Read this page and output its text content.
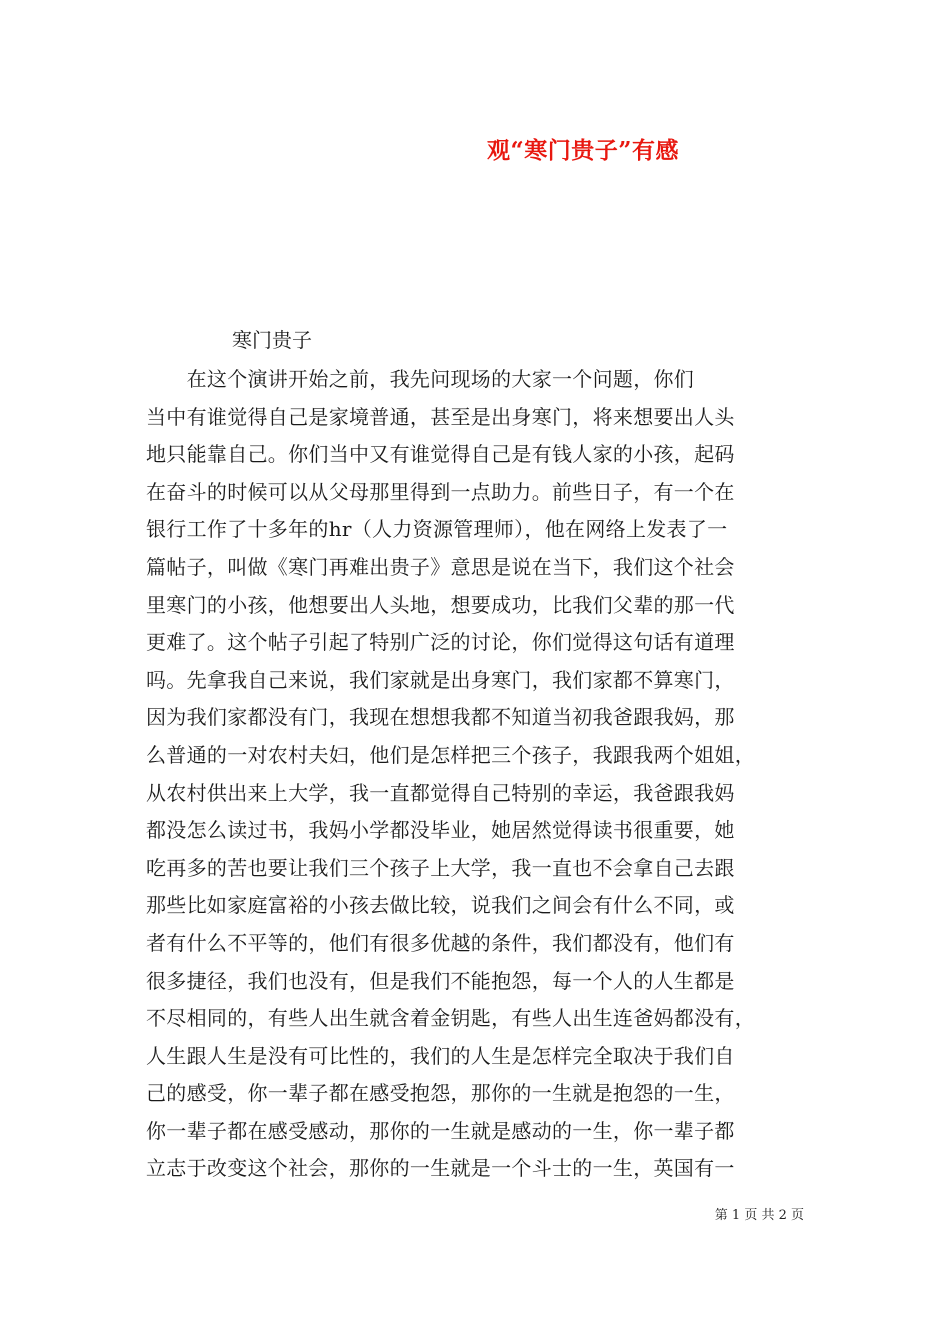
观“寒门贵子”有感
寒门贵子
　　在这个演讲开始之前，我先问现场的大家一个问题，你们
当中有谁觉得自己是家境普通，甚至是出身寒门，将来想要出人头
地只能靠自己。你们当中又有谁觉得自己是有钱人家的小孩，起码
在奋斗的时候可以从父母那里得到一点助力。前些日子，有一个在
银行工作了十多年的hr（人力资源管理师），他在网络上发表了一
篇帖子，叫做《寒门再难出贵子》意思是说在当下，我们这个社会
里寒门的小孩，他想要出人头地，想要成功，比我们父辈的那一代
更难了。这个帖子引起了特别广泛的讨论，你们觉得这句话有道理
吗。先拿我自己来说，我们家就是出身寒门，我们家都不算寒门，
因为我们家都没有门，我现在想想我都不知道当初我爸跟我妈，那
么普通的一对农村夫妇，他们是怎样把三个孩子，我跟我两个姐姐，
从农村供出来上大学，我一直都觉得自己特别的幸运，我爸跟我妈
都没怎么读过书，我妈小学都没毕业，她居然觉得读书很重要，她
吃再多的苦也要让我们三个孩子上大学，我一直也不会拿自己去跟
那些比如家庭富裕的小孩去做比较，说我们之间会有什么不同，或
者有什么不平等的，他们有很多优越的条件，我们都没有，他们有
很多捷径，我们也没有，但是我们不能抱怨，每一个人的人生都是
不尽相同的，有些人出生就含着金钥匙，有些人出生连爸妈都没有，
人生跟人生是没有可比性的，我们的人生是怎样完全取决于我们自
己的感受，你一辈子都在感受抱怨，那你的一生就是抱怨的一生，
你一辈子都在感受感动，那你的一生就是感动的一生，你一辈子都
立志于改变这个社会，那你的一生就是一个斗士的一生，英国有一
第 1 页 共 2 页
